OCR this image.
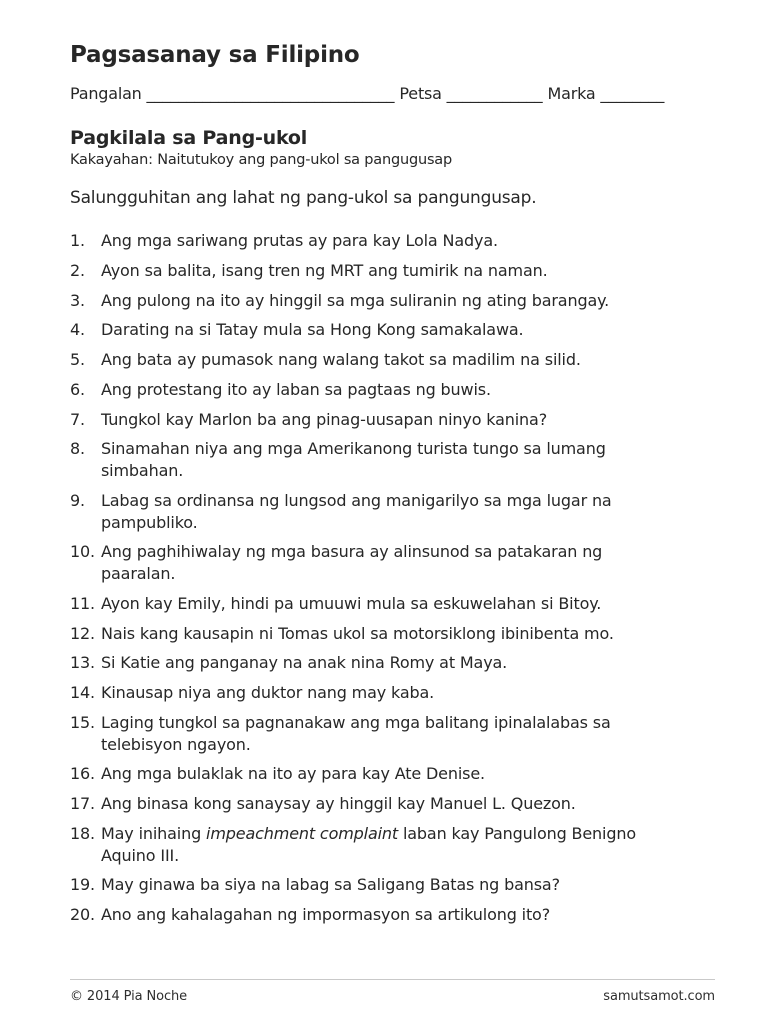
Pagsasanay sa Filipino
Pangalan _______________________________ Petsa ____________ Marka ________
Pagkilala sa Pang-ukol
Kakayahan: Naitutukoy ang pang-ukol sa pangugusap
Salungguhitan ang lahat ng pang-ukol sa pangungusap.
1.	Ang mga sariwang prutas ay para kay Lola Nadya.
2.	Ayon sa balita, isang tren ng MRT ang tumirik na naman.
3.	Ang pulong na ito ay hinggil sa mga suliranin ng ating barangay.
4.	Darating na si Tatay mula sa Hong Kong samakalawa.
5.	Ang bata ay pumasok nang walang takot sa madilim na silid.
6.	Ang protestang ito ay laban sa pagtaas ng buwis.
7.	Tungkol kay Marlon ba ang pinag-uusapan ninyo kanina?
8.	Sinamahan niya ang mga Amerikanong turista tungo sa lumang
simbahan.
9.	Labag sa ordinansa ng lungsod ang manigarilyo sa mga lugar na
pampubliko.
10. Ang paghihiwalay ng mga basura ay alinsunod sa patakaran ng
paaralan.
11. Ayon kay Emily, hindi pa umuuwi mula sa eskuwelahan si Bitoy.
12. Nais kang kausapin ni Tomas ukol sa motorsiklong ibinibenta mo.
13. Si Katie ang panganay na anak nina Romy at Maya.
14. Kinausap niya ang duktor nang may kaba.
15. Laging tungkol sa pagnanakaw ang mga balitang ipinalalabas sa
telebisyon ngayon.
16. Ang mga bulaklak na ito ay para kay Ate Denise.
17. Ang binasa kong sanaysay ay hinggil kay Manuel L. Quezon.
18. May inihaing impeachment complaint laban kay Pangulong Benigno
Aquino III.
19. May ginawa ba siya na labag sa Saligang Batas ng bansa?
20. Ano ang kahalagahan ng impormasyon sa artikulong ito?
© 2014 Pia Noche	samutsamot.com
